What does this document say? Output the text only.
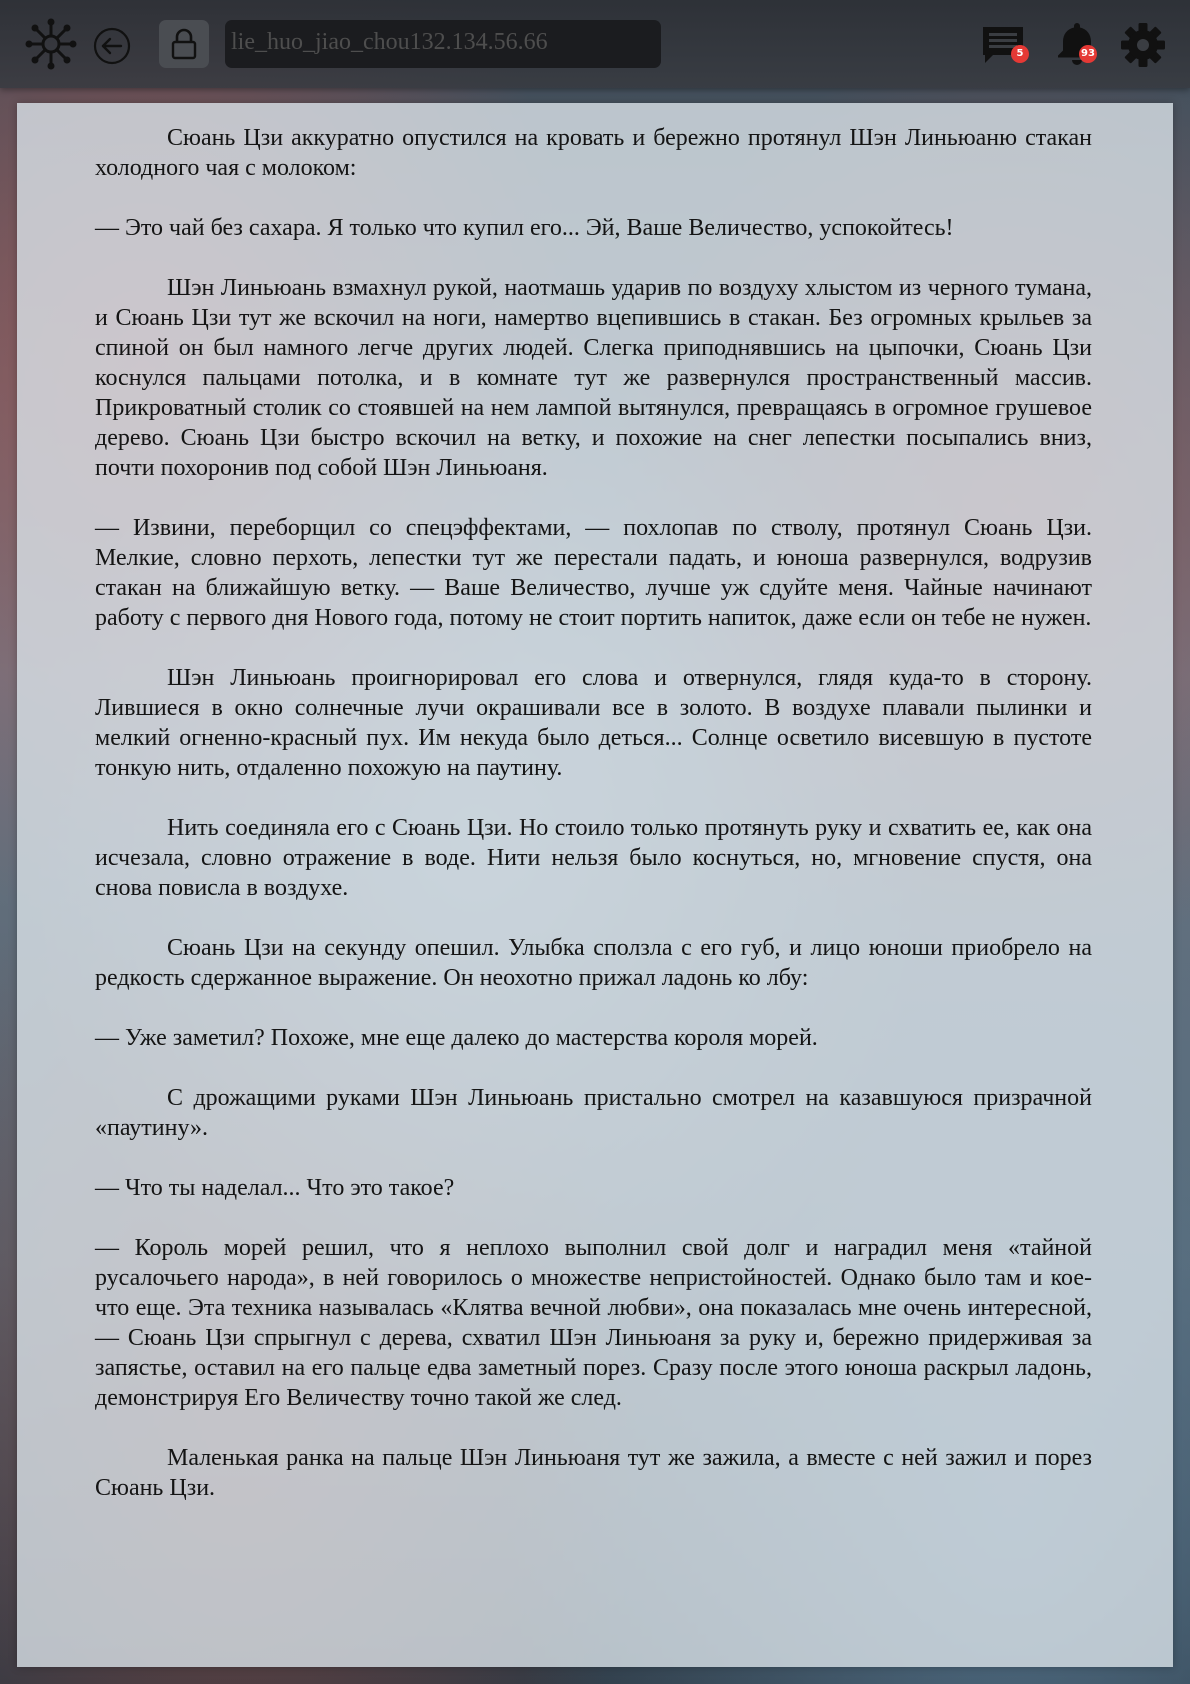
lie_huo_jiao_chou132.134.56.66	5	93

Сюань Цзи аккуратно опустился на кровать и бережно протянул Шэн Линьюаню стакан холодного чая с молоком:

— Это чай без сахара. Я только что купил его... Эй, Ваше Величество, успокойтесь!

Шэн Линьюань взмахнул рукой, наотмашь ударив по воздуху хлыстом из черного тумана, и Сюань Цзи тут же вскочил на ноги, намертво вцепившись в стакан. Без огромных крыльев за спиной он был намного легче других людей. Слегка приподнявшись на цыпочки, Сюань Цзи коснулся пальцами потолка, и в комнате тут же развернулся пространственный массив. Прикроватный столик со стоявшей на нем лампой вытянулся, превращаясь в огромное грушевое дерево. Сюань Цзи быстро вскочил на ветку, и похожие на снег лепестки посыпались вниз, почти похоронив под собой Шэн Линьюаня.

— Извини, переборщил со спецэффектами, — похлопав по стволу, протянул Сюань Цзи. Мелкие, словно перхоть, лепестки тут же перестали падать, и юноша развернулся, водрузив стакан на ближайшую ветку. — Ваше Величество, лучше уж сдуйте меня. Чайные начинают работу с первого дня Нового года, потому не стоит портить напиток, даже если он тебе не нужен.

Шэн Линьюань проигнорировал его слова и отвернулся, глядя куда-то в сторону. Лившиеся в окно солнечные лучи окрашивали все в золото. В воздухе плавали пылинки и мелкий огненно-красный пух. Им некуда было деться... Солнце осветило висевшую в пустоте тонкую нить, отдаленно похожую на паутину.

Нить соединяла его с Сюань Цзи. Но стоило только протянуть руку и схватить ее, как она исчезала, словно отражение в воде. Нити нельзя было коснуться, но, мгновение спустя, она снова повисла в воздухе.

Сюань Цзи на секунду опешил. Улыбка сползла с его губ, и лицо юноши приобрело на редкость сдержанное выражение. Он неохотно прижал ладонь ко лбу:

— Уже заметил? Похоже, мне еще далеко до мастерства короля морей.

С дрожащими руками Шэн Линьюань пристально смотрел на казавшуюся призрачной «паутину».

— Что ты наделал... Что это такое?

— Король морей решил, что я неплохо выполнил свой долг и наградил меня «тайной русалочьего народа», в ней говорилось о множестве непристойностей. Однако было там и кое-что еще. Эта техника называлась «Клятва вечной любви», она показалась мне очень интересной, — Сюань Цзи спрыгнул с дерева, схватил Шэн Линьюаня за руку и, бережно придерживая за запястье, оставил на его пальце едва заметный порез. Сразу после этого юноша раскрыл ладонь, демонстрируя Его Величеству точно такой же след.

Маленькая ранка на пальце Шэн Линьюаня тут же зажила, а вместе с ней зажил и порез Сюань Цзи.
